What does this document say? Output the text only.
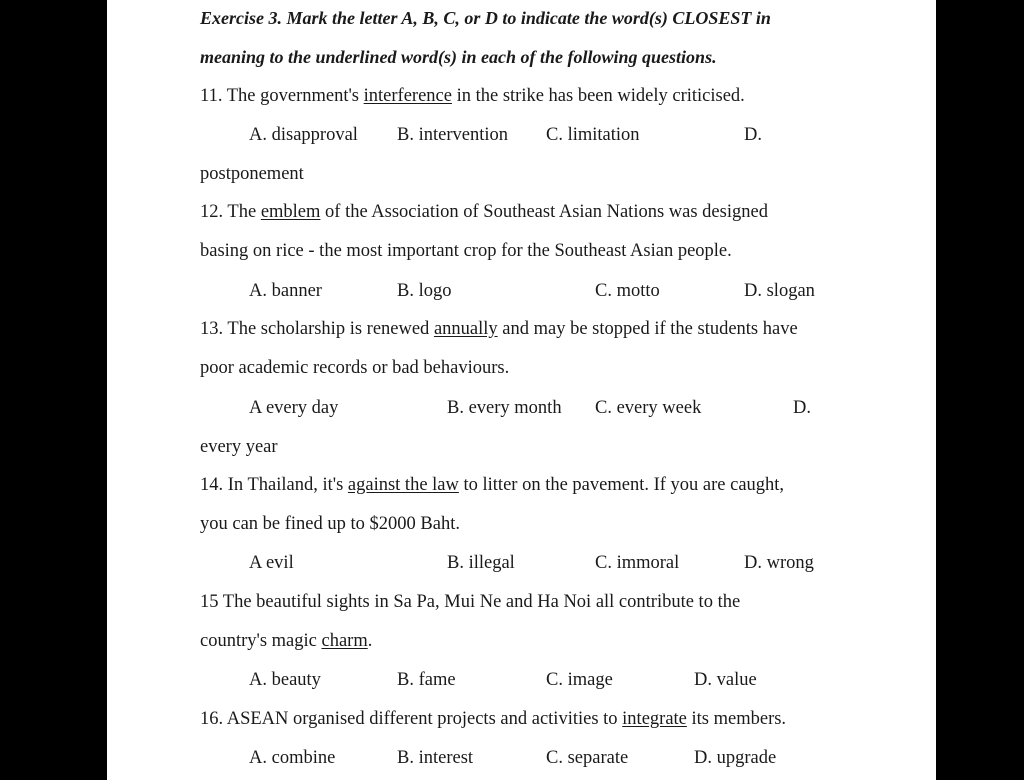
Exercise 3. Mark the letter A, B, C, or D to indicate the word(s) CLOSEST in
meaning to the underlined word(s) in each of the following questions.
11. The government's interference in the strike has been widely criticised.
A. disapproval B. intervention C. limitation	D.
postponement
12. The emblem of the Association of Southeast Asian Nations was designed
basing on rice - the most important crop for the Southeast Asian people.
A. banner	B. logo	C. motto	D. slogan
13. The scholarship is renewed annually and may be stopped if the students have
poor academic records or bad behaviours.
A every day	B. every month C. every week	D.
every year
14. In Thailand, it's against the law to litter on the pavement. If you are caught,
you can be fined up to $2000 Baht.
A evil	B. illegal	C. immoral	D. wrong
15 The beautiful sights in Sa Pa, Mui Ne and Ha Noi all contribute to the
country's magic charm.
A. beauty	B. fame	C. image	D. value
16. ASEAN organised different projects and activities to integrate its members.
A. combine	B. interest	C. separate	D. upgrade
